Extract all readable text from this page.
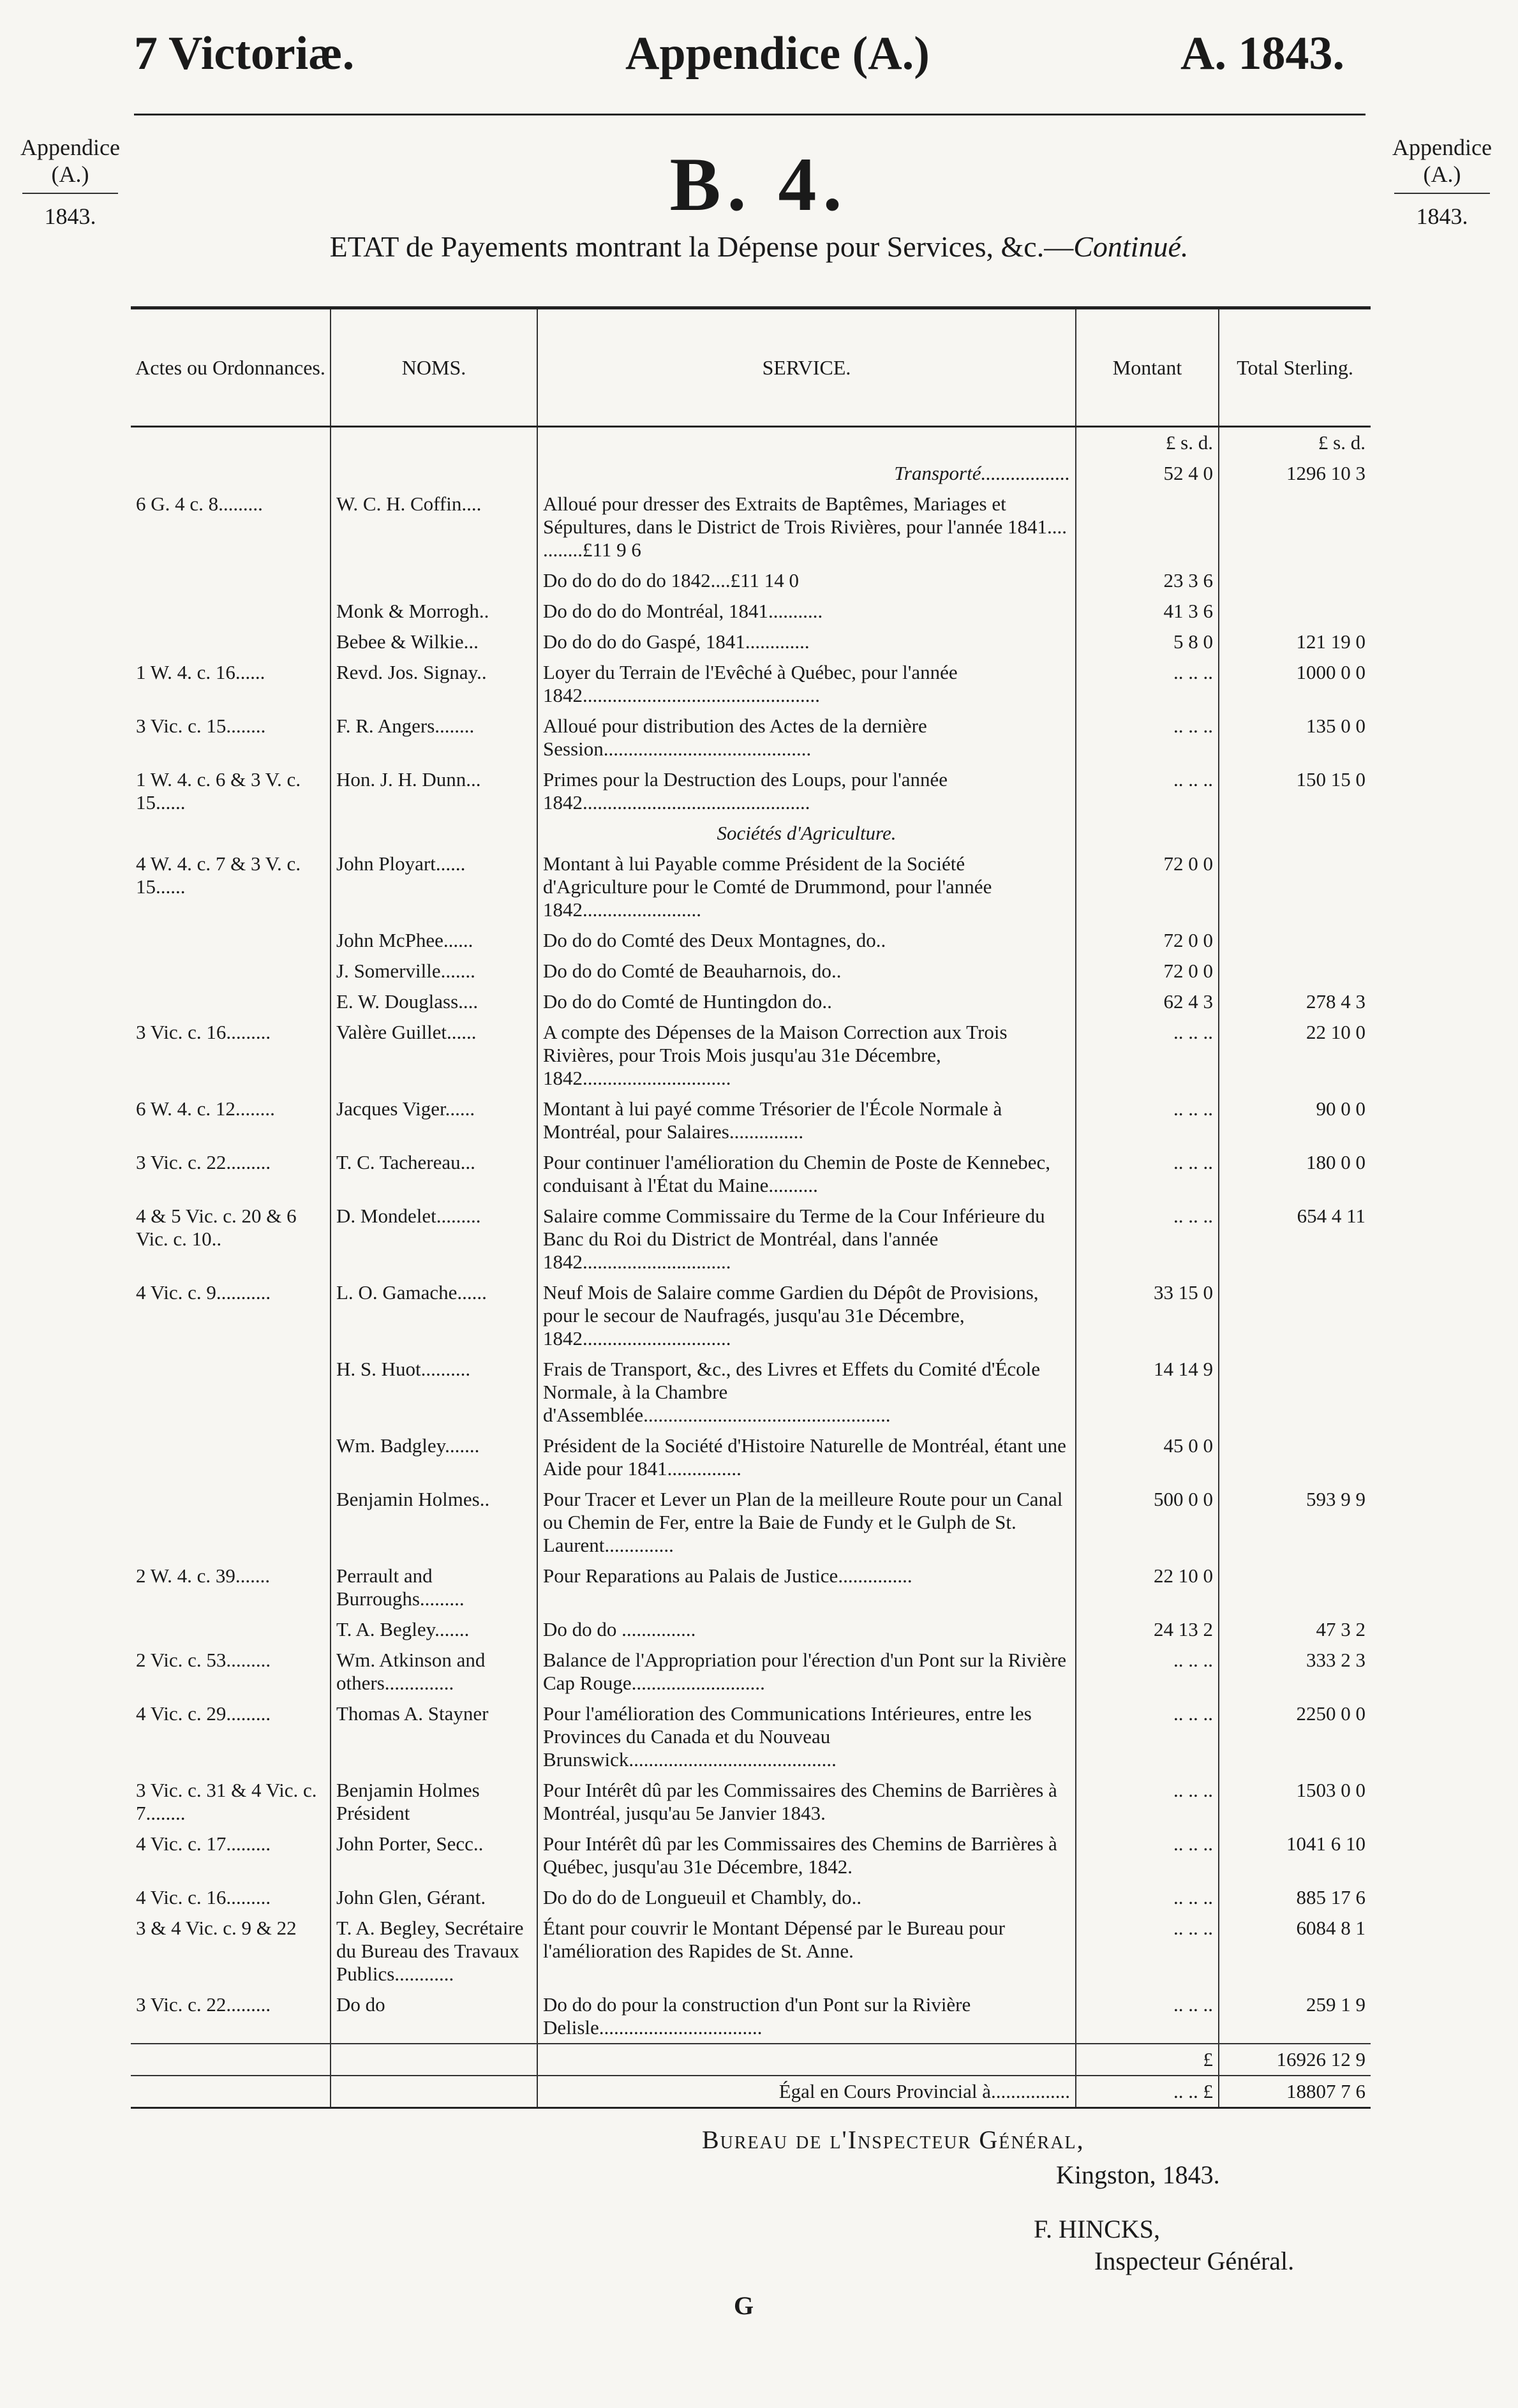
7 Victoriæ.	Appendice (A.)	A. 1843.
Appendice
(A.)
1843.
Appendice
(A.)
1843.
B. 4.
ETAT de Payements montrant la Dépense pour Services, &c.—Continué.
Actes ou Ordonnances.	NOMS.	SERVICE.	Montant	Total Sterling.
			£ s. d.	£ s. d.
		Transporté..................	52 4 0	1296 10 3
6 G. 4 c. 8.........	W. C. H. Coffin....	Alloué pour dresser des Extraits de Baptêmes, Mariages et Sépultures, dans le District de Trois Rivières, pour l'année 1841.... ........£11 9 6		
		Do do do do do 1842....£11 14 0	23 3 6	
	Monk & Morrogh..	Do do do do Montréal, 1841...........	41 3 6	
	Bebee & Wilkie...	Do do do do Gaspé, 1841.............	5 8 0	121 19 0
1 W. 4. c. 16......	Revd. Jos. Signay..	Loyer du Terrain de l'Evêché à Québec, pour l'année 1842................................................	.. .. ..	1000 0 0
3 Vic. c. 15........	F. R. Angers........	Alloué pour distribution des Actes de la dernière Session..........................................	.. .. ..	135 0 0
1 W. 4. c. 6 & 3 V. c. 15......	Hon. J. H. Dunn...	Primes pour la Destruction des Loups, pour l'année 1842..............................................	.. .. ..	150 15 0
		Sociétés d'Agriculture.		
4 W. 4. c. 7 & 3 V. c. 15......	John Ployart......	Montant à lui Payable comme Président de la Société d'Agriculture pour le Comté de Drummond, pour l'année 1842........................	72 0 0	
	John McPhee......	Do do do Comté des Deux Montagnes, do..	72 0 0	
	J. Somerville.......	Do do do Comté de Beauharnois, do..	72 0 0	
	E. W. Douglass....	Do do do Comté de Huntingdon do..	62 4 3	278 4 3
3 Vic. c. 16.........	Valère Guillet......	A compte des Dépenses de la Maison Correction aux Trois Rivières, pour Trois Mois jusqu'au 31e Décembre, 1842..............................	.. .. ..	22 10 0
6 W. 4. c. 12........	Jacques Viger......	Montant à lui payé comme Trésorier de l'École Normale à Montréal, pour Salaires...............	.. .. ..	90 0 0
3 Vic. c. 22.........	T. C. Tachereau...	Pour continuer l'amélioration du Chemin de Poste de Kennebec, conduisant à l'État du Maine..........	.. .. ..	180 0 0
4 & 5 Vic. c. 20 & 6 Vic. c. 10..	D. Mondelet.........	Salaire comme Commissaire du Terme de la Cour Inférieure du Banc du Roi du District de Montréal, dans l'année 1842..............................	.. .. ..	654 4 11
4 Vic. c. 9...........	L. O. Gamache......	Neuf Mois de Salaire comme Gardien du Dépôt de Provisions, pour le secour de Naufragés, jusqu'au 31e Décembre, 1842..............................	33 15 0	
	H. S. Huot..........	Frais de Transport, &c., des Livres et Effets du Comité d'École Normale, à la Chambre d'Assemblée..................................................	14 14 9	
	Wm. Badgley.......	Président de la Société d'Histoire Naturelle de Montréal, étant une Aide pour 1841...............	45 0 0	
	Benjamin Holmes..	Pour Tracer et Lever un Plan de la meilleure Route pour un Canal ou Chemin de Fer, entre la Baie de Fundy et le Gulph de St. Laurent..............	500 0 0	593 9 9
2 W. 4. c. 39.......	Perrault and Burroughs.........	Pour Reparations au Palais de Justice...............	22 10 0	
	T. A. Begley.......	Do do do ...............	24 13 2	47 3 2
2 Vic. c. 53.........	Wm. Atkinson and others..............	Balance de l'Appropriation pour l'érection d'un Pont sur la Rivière Cap Rouge...........................	.. .. ..	333 2 3
4 Vic. c. 29.........	Thomas A. Stayner	Pour l'amélioration des Communications Intérieures, entre les Provinces du Canada et du Nouveau Brunswick..........................................	.. .. ..	2250 0 0
3 Vic. c. 31 & 4 Vic. c. 7........	Benjamin Holmes Président	Pour Intérêt dû par les Commissaires des Chemins de Barrières à Montréal, jusqu'au 5e Janvier 1843.	.. .. ..	1503 0 0
4 Vic. c. 17.........	John Porter, Secc..	Pour Intérêt dû par les Commissaires des Chemins de Barrières à Québec, jusqu'au 31e Décembre, 1842.	.. .. ..	1041 6 10
4 Vic. c. 16.........	John Glen, Gérant.	Do do do de Longueuil et Chambly, do..	.. .. ..	885 17 6
3 & 4 Vic. c. 9 & 22	T. A. Begley, Secrétaire du Bureau des Travaux Publics............	Étant pour couvrir le Montant Dépensé par le Bureau pour l'amélioration des Rapides de St. Anne.	.. .. ..	6084 8 1
3 Vic. c. 22.........	Do do	Do do do pour la construction d'un Pont sur la Rivière Delisle.................................	.. .. ..	259 1 9
			£	16926 12 9
		Égal en Cours Provincial à................	.. .. £	18807 7 6
Bureau de l'Inspecteur Général,
Kingston, 1843.
F. HINCKS,
Inspecteur Général.
G
